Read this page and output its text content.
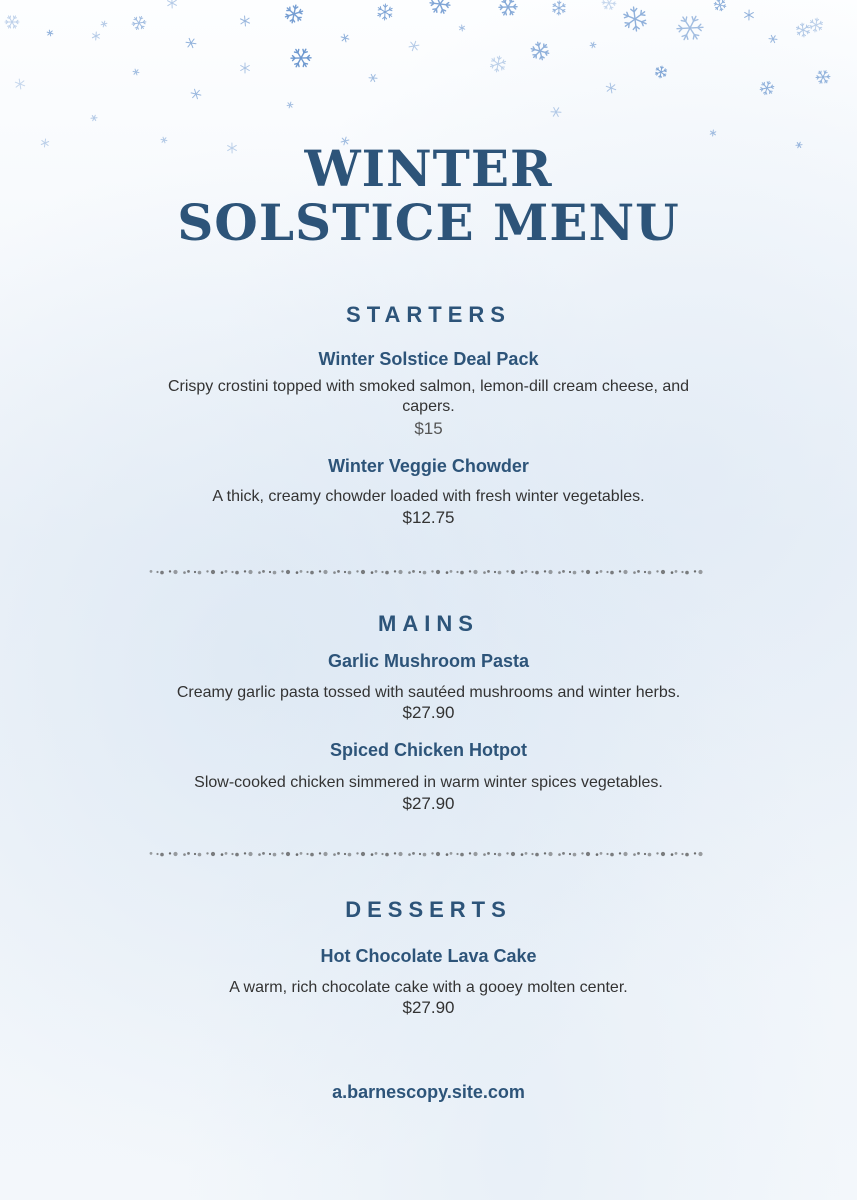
WINTER
SOLSTICE MENU
STARTERS
Winter Solstice Deal Pack
Crispy crostini topped with smoked salmon, lemon-dill cream cheese, and capers.
$15
Winter Veggie Chowder
A thick, creamy chowder loaded with fresh winter vegetables.
$12.75
MAINS
Garlic Mushroom Pasta
Creamy garlic pasta tossed with sautéed mushrooms and winter herbs.
$27.90
Spiced Chicken Hotpot
Slow-cooked chicken simmered in warm winter spices vegetables.
$27.90
DESSERTS
Hot Chocolate Lava Cake
A warm, rich chocolate cake with a gooey molten center.
$27.90
a.barnescopy.site.com
